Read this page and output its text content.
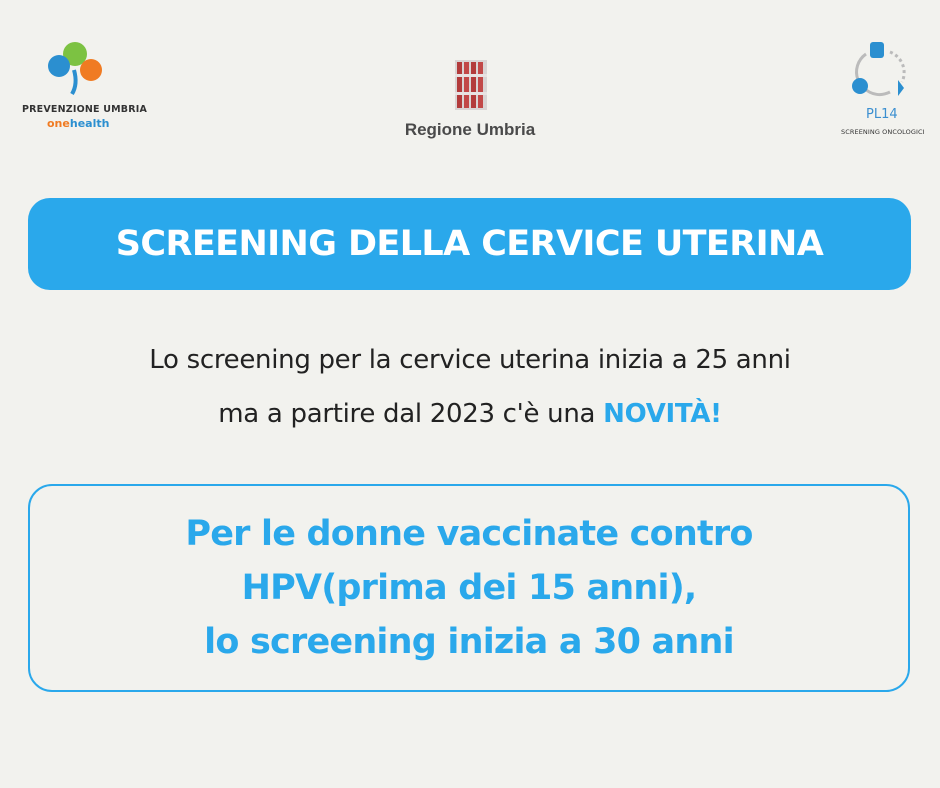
PREVENZIONE UMBRIA
onehealth	Regione Umbria
PL14
SCREENING ONCOLOGICI
SCREENING DELLA CERVICE UTERINA
Lo screening per la cervice uterina inizia a 25 anni
ma a partire dal 2023 c'è una NOVITÀ!
Per le donne vaccinate contro
HPV(prima dei 15 anni),
lo screening inizia a 30 anni
